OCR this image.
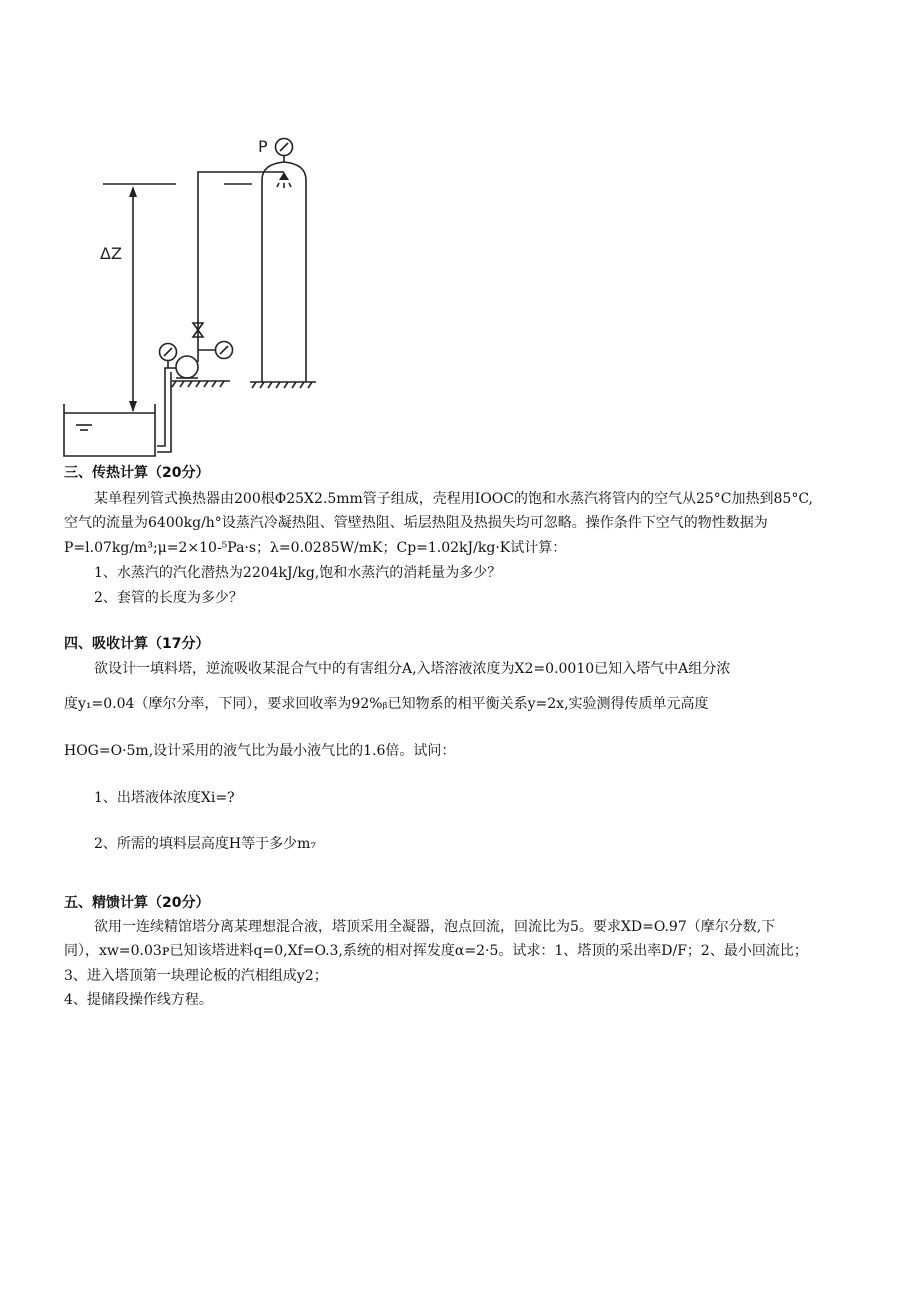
P
ΔZ
三、传热计算（20分）
某单程列管式换热器由200根Φ25X2.5mm管子组成，壳程用IOOC的饱和水蒸汽将管内的空气从25°C加热到85°C,
空气的流量为6400kg/h°设蒸汽冷凝热阻、管壁热阻、垢层热阻及热损失均可忽略。操作条件下空气的物性数据为
P=l.07kg/m³;μ=2×10-⁵Pa·s；λ=0.0285W/mK；Cp=1.02kJ/kg·K试计算：
1、水蒸汽的汽化潜热为2204kJ/kg,饱和水蒸汽的消耗量为多少？
2、套管的长度为多少？
四、吸收计算（17分）
欲设计一填料塔，逆流吸收某混合气中的有害组分A,入塔溶液浓度为X2=0.0010已知入塔气中A组分浓
度y₁=0.04（摩尔分率，下同），要求回收率为92%ᵦ已知物系的相平衡关系y=2x,实验测得传质单元高度
HOG=O·5m,设计采用的液气比为最小液气比的1.6倍。试问：
1、出塔液体浓度Xi=?
2、所需的填料层高度H等于多少m₇
五、精馈计算（20分）
欲用一连续精馆塔分离某理想混合液，塔顶采用全凝器，泡点回流，回流比为5。要求XD=O.97（摩尔分数,下
同），xw=0.03ᴘ已知该塔进料q=0,Xf=O.3,系统的相对挥发度α=2·5。试求：1、塔顶的采出率D/F；2、最小回流比；
3、进入塔顶第一块理论板的汽相组成y2；
4、提储段操作线方程。
